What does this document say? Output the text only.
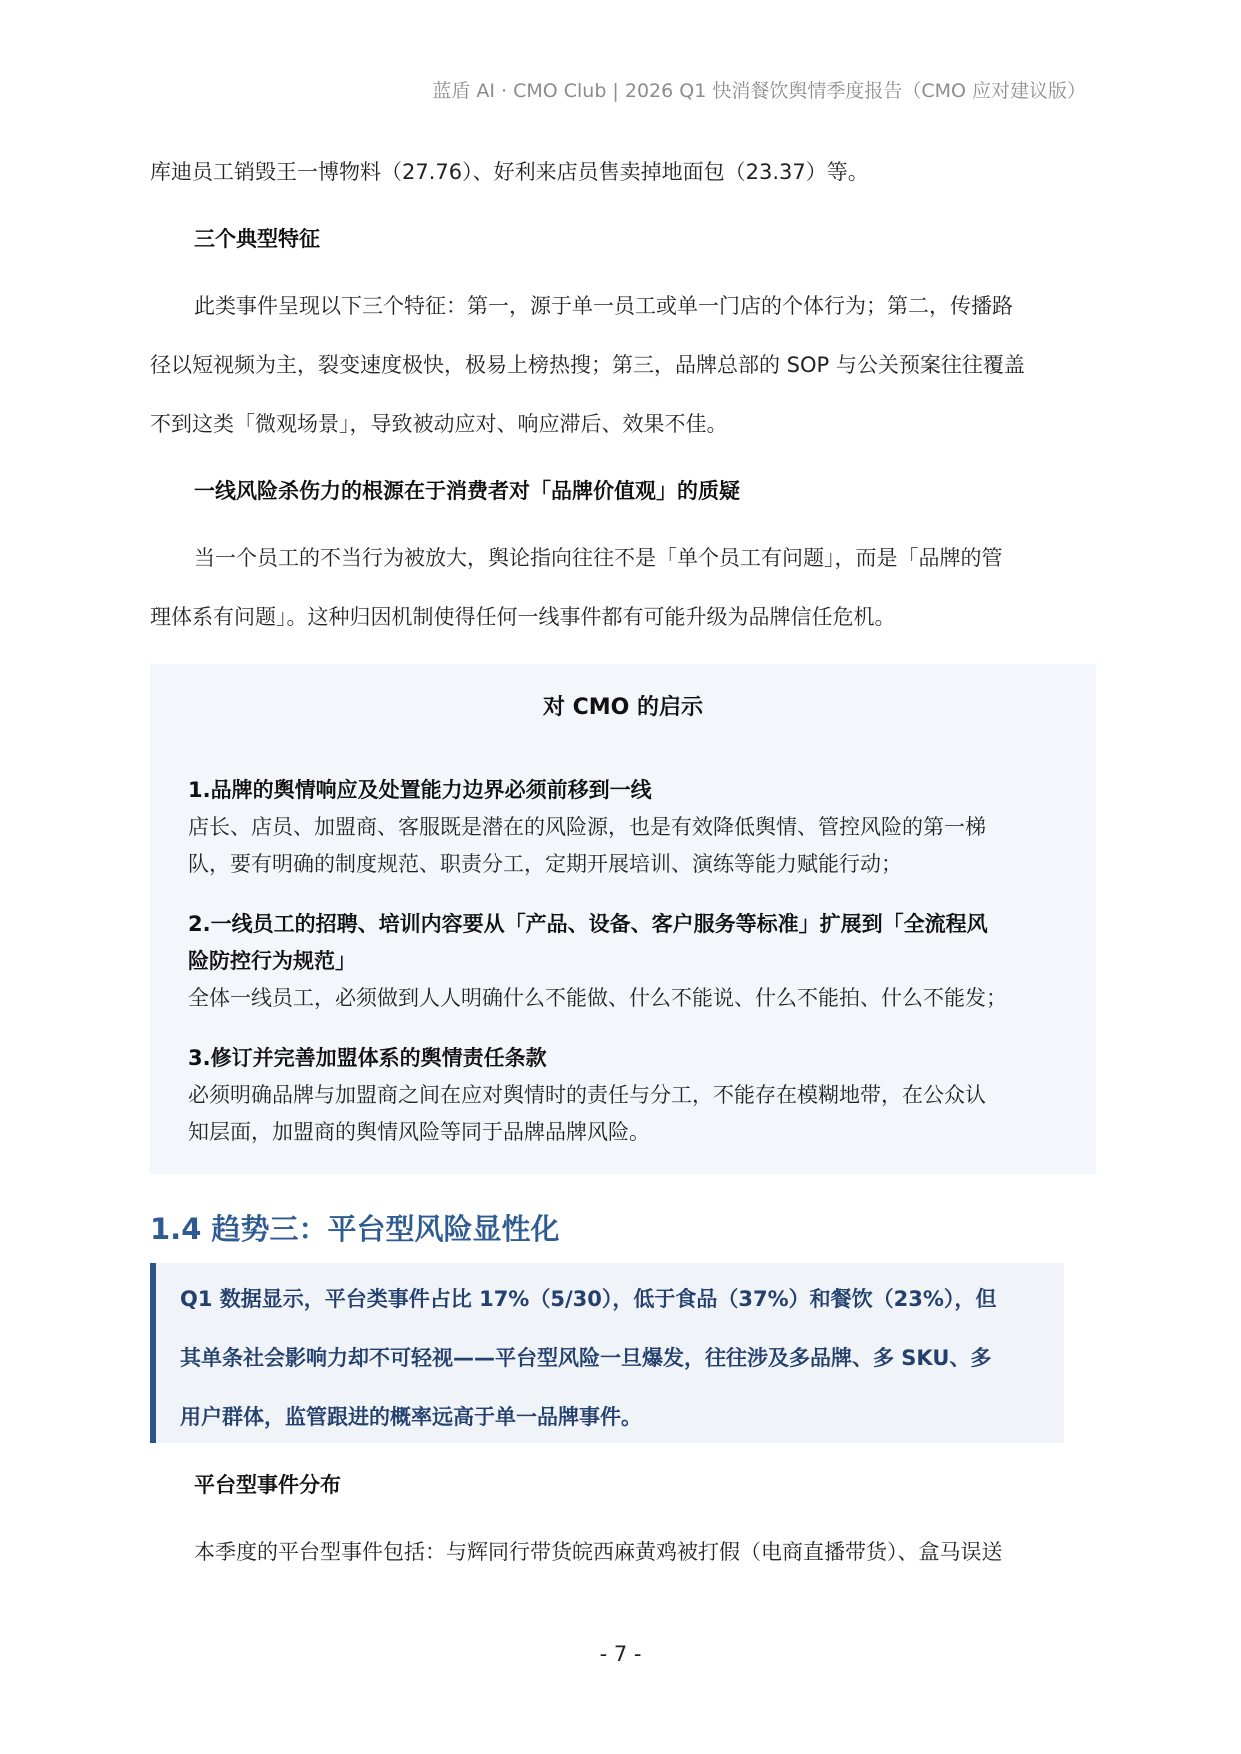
蓝盾 AI · CMO Club | 2026 Q1 快消餐饮舆情季度报告（CMO 应对建议版）
库迪员工销毁王一博物料（27.76）、好利来店员售卖掉地面包（23.37）等。
三个典型特征
此类事件呈现以下三个特征：第一，源于单一员工或单一门店的个体行为；第二，传播路
径以短视频为主，裂变速度极快，极易上榜热搜；第三，品牌总部的 SOP 与公关预案往往覆盖
不到这类「微观场景」，导致被动应对、响应滞后、效果不佳。
一线风险杀伤力的根源在于消费者对「品牌价值观」的质疑
当一个员工的不当行为被放大，舆论指向往往不是「单个员工有问题」，而是「品牌的管
理体系有问题」。这种归因机制使得任何一线事件都有可能升级为品牌信任危机。
对 CMO 的启示
1.品牌的舆情响应及处置能力边界必须前移到一线
店长、店员、加盟商、客服既是潜在的风险源，也是有效降低舆情、管控风险的第一梯
队，要有明确的制度规范、职责分工，定期开展培训、演练等能力赋能行动；
2.一线员工的招聘、培训内容要从「产品、设备、客户服务等标准」扩展到「全流程风
险防控行为规范」
全体一线员工，必须做到人人明确什么不能做、什么不能说、什么不能拍、什么不能发；
3.修订并完善加盟体系的舆情责任条款
必须明确品牌与加盟商之间在应对舆情时的责任与分工，不能存在模糊地带，在公众认
知层面，加盟商的舆情风险等同于品牌品牌风险。
1.4 趋势三：平台型风险显性化
Q1 数据显示，平台类事件占比 17%（5/30），低于食品（37%）和餐饮（23%），但
其单条社会影响力却不可轻视——平台型风险一旦爆发，往往涉及多品牌、多 SKU、多
用户群体，监管跟进的概率远高于单一品牌事件。
平台型事件分布
本季度的平台型事件包括：与辉同行带货皖西麻黄鸡被打假（电商直播带货）、盒马误送
- 7 -
